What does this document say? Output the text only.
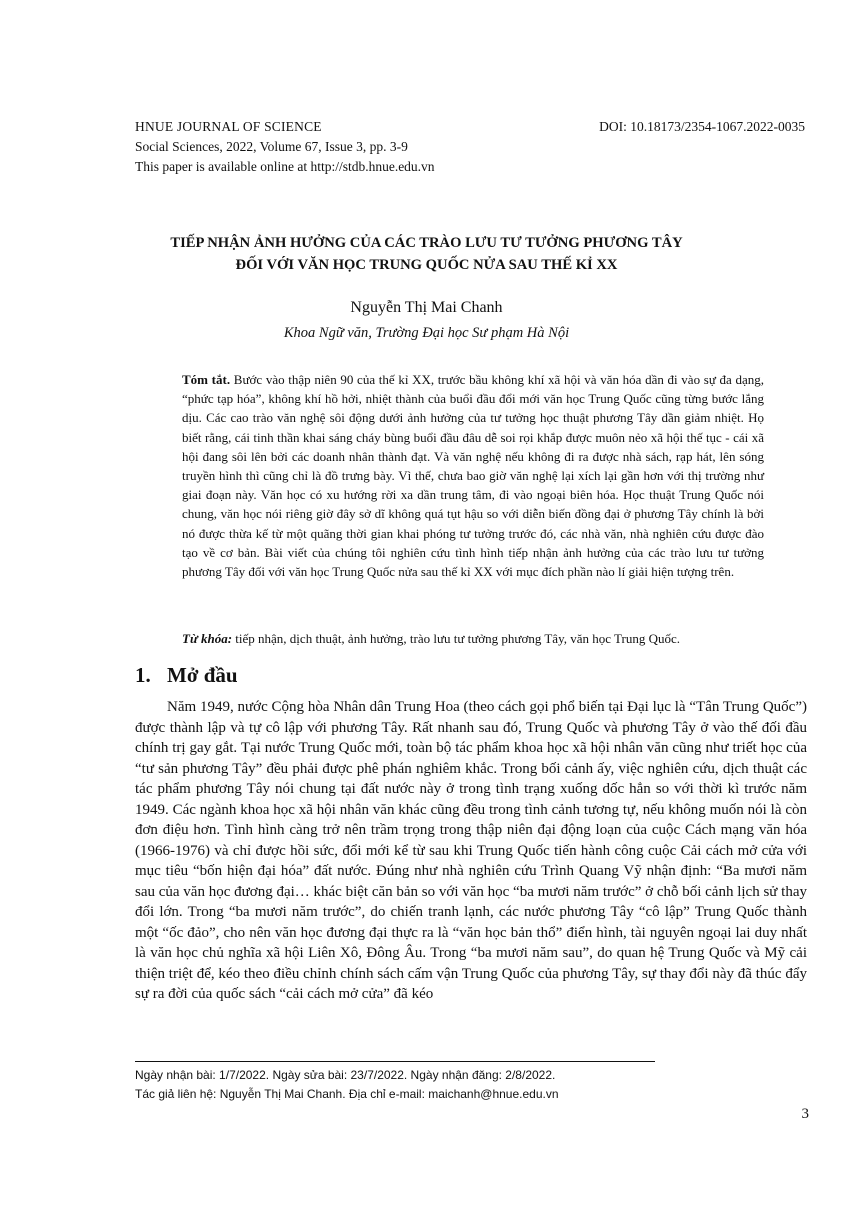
HNUE JOURNAL OF SCIENCE	DOI: 10.18173/2354-1067.2022-0035
Social Sciences, 2022, Volume 67, Issue 3, pp. 3-9
This paper is available online at http://stdb.hnue.edu.vn
TIẾP NHẬN ẢNH HƯỞNG CỦA CÁC TRÀO LƯU TƯ TƯỞNG PHƯƠNG TÂY
ĐỐI VỚI VĂN HỌC TRUNG QUỐC NỬA SAU THẾ KỈ XX
Nguyễn Thị Mai Chanh
Khoa Ngữ văn, Trường Đại học Sư phạm Hà Nội
Tóm tắt. Bước vào thập niên 90 của thế kỉ XX, trước bầu không khí xã hội và văn hóa dần đi vào sự đa dạng, “phức tạp hóa”, không khí hồ hởi, nhiệt thành của buổi đầu đổi mới văn học Trung Quốc cũng từng bước lắng dịu. Các cao trào văn nghệ sôi động dưới ảnh hưởng của tư tưởng học thuật phương Tây dần giảm nhiệt. Họ biết rằng, cái tinh thần khai sáng cháy bùng buổi đầu đâu dễ soi rọi khắp được muôn nẻo xã hội thế tục - cái xã hội đang sôi lên bởi các doanh nhân thành đạt. Và văn nghệ nếu không đi ra được nhà sách, rạp hát, lên sóng truyền hình thì cũng chỉ là đồ trưng bày. Vì thế, chưa bao giờ văn nghệ lại xích lại gần hơn với thị trường như giai đoạn này. Văn học có xu hướng rời xa dần trung tâm, đi vào ngoại biên hóa. Học thuật Trung Quốc nói chung, văn học nói riêng giờ đây sở dĩ không quá tụt hậu so với diễn biến đồng đại ở phương Tây chính là bởi nó được thừa kế từ một quãng thời gian khai phóng tư tưởng trước đó, các nhà văn, nhà nghiên cứu được đào tạo về cơ bản. Bài viết của chúng tôi nghiên cứu tình hình tiếp nhận ảnh hưởng của các trào lưu tư tưởng phương Tây đối với văn học Trung Quốc nửa sau thế kỉ XX với mục đích phần nào lí giải hiện tượng trên.
Từ khóa: tiếp nhận, dịch thuật, ảnh hưởng, trào lưu tư tưởng phương Tây, văn học Trung Quốc.
1. Mở đầu

Năm 1949, nước Cộng hòa Nhân dân Trung Hoa (theo cách gọi phổ biến tại Đại lục là “Tân Trung Quốc”) được thành lập và tự cô lập với phương Tây. Rất nhanh sau đó, Trung Quốc và phương Tây ở vào thế đối đầu chính trị gay gắt. Tại nước Trung Quốc mới, toàn bộ tác phẩm khoa học xã hội nhân văn cũng như triết học của “tư sản phương Tây” đều phải được phê phán nghiêm khắc. Trong bối cảnh ấy, việc nghiên cứu, dịch thuật các tác phẩm phương Tây nói chung tại đất nước này ở trong tình trạng xuống dốc hẳn so với thời kì trước năm 1949. Các ngành khoa học xã hội nhân văn khác cũng đều trong tình cảnh tương tự, nếu không muốn nói là còn đơn điệu hơn. Tình hình càng trở nên trầm trọng trong thập niên đại động loạn của cuộc Cách mạng văn hóa (1966-1976) và chỉ được hồi sức, đổi mới kể từ sau khi Trung Quốc tiến hành công cuộc Cải cách mở cửa với mục tiêu “bốn hiện đại hóa” đất nước. Đúng như nhà nghiên cứu Trình Quang Vỹ nhận định: “Ba mươi năm sau của văn học đương đại… khác biệt căn bản so với văn học “ba mươi năm trước” ở chỗ bối cảnh lịch sử thay đổi lớn. Trong “ba mươi năm trước”, do chiến tranh lạnh, các nước phương Tây “cô lập” Trung Quốc thành một “ốc đảo”, cho nên văn học đương đại thực ra là “văn học bản thổ” điển hình, tài nguyên ngoại lai duy nhất là văn học chủ nghĩa xã hội Liên Xô, Đông Âu. Trong “ba mươi năm sau”, do quan hệ Trung Quốc và Mỹ cải thiện triệt để, kéo theo điều chỉnh chính sách cấm vận Trung Quốc của phương Tây, sự thay đổi này đã thúc đẩy sự ra đời của quốc sách “cải cách mở cửa” đã kéo

Ngày nhận bài: 1/7/2022. Ngày sửa bài: 23/7/2022. Ngày nhận đăng: 2/8/2022.
Tác giả liên hệ: Nguyễn Thị Mai Chanh. Địa chỉ e-mail: maichanh@hnue.edu.vn
3
